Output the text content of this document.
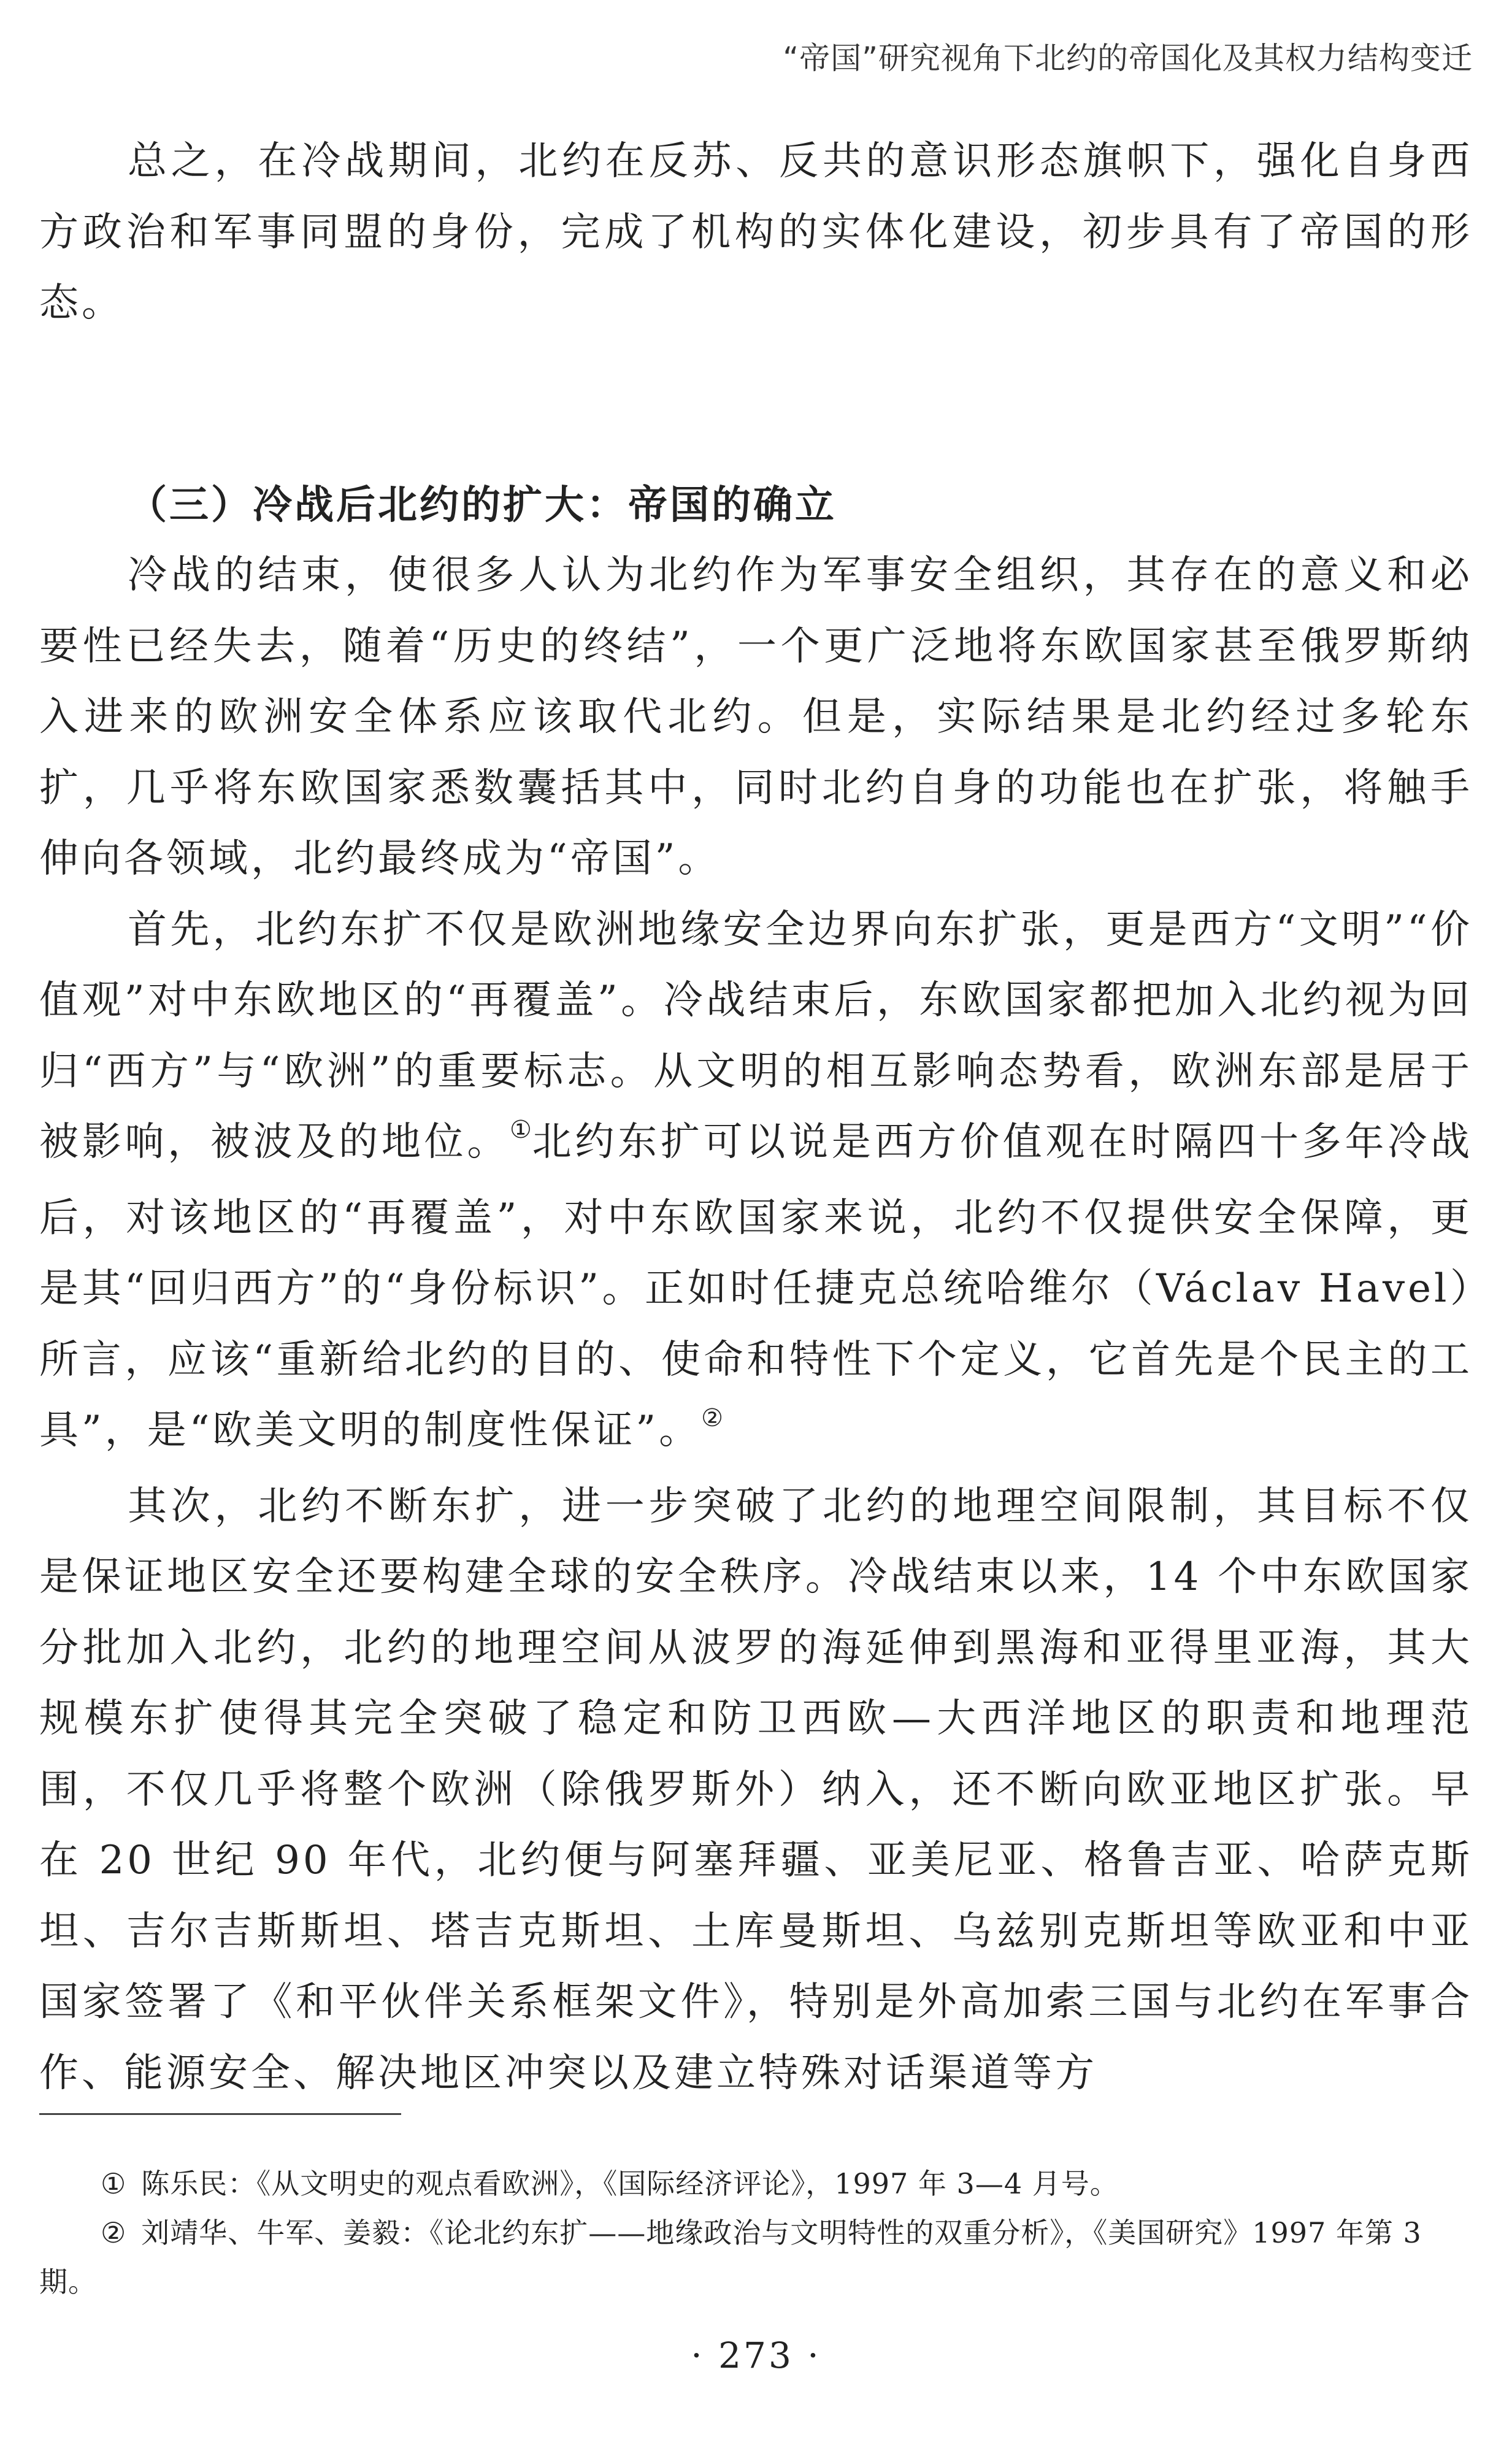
“帝国”研究视角下北约的帝国化及其权力结构变迁

总之，在冷战期间，北约在反苏、反共的意识形态旗帜下，强化自身西方政治和军事同盟的身份，完成了机构的实体化建设，初步具有了帝国的形态。

（三）冷战后北约的扩大：帝国的确立

冷战的结束，使很多人认为北约作为军事安全组织，其存在的意义和必要性已经失去，随着“历史的终结”，一个更广泛地将东欧国家甚至俄罗斯纳入进来的欧洲安全体系应该取代北约。但是，实际结果是北约经过多轮东扩，几乎将东欧国家悉数囊括其中，同时北约自身的功能也在扩张，将触手伸向各领域，北约最终成为“帝国”。

首先，北约东扩不仅是欧洲地缘安全边界向东扩张，更是西方“文明”“价值观”对中东欧地区的“再覆盖”。冷战结束后，东欧国家都把加入北约视为回归“西方”与“欧洲”的重要标志。从文明的相互影响态势看，欧洲东部是居于被影响，被波及的地位。①北约东扩可以说是西方价值观在时隔四十多年冷战后，对该地区的“再覆盖”，对中东欧国家来说，北约不仅提供安全保障，更是其“回归西方”的“身份标识”。正如时任捷克总统哈维尔（Václav Havel）所言，应该“重新给北约的目的、使命和特性下个定义，它首先是个民主的工具”，是“欧美文明的制度性保证”。②

其次，北约不断东扩，进一步突破了北约的地理空间限制，其目标不仅是保证地区安全还要构建全球的安全秩序。冷战结束以来，14 个中东欧国家分批加入北约，北约的地理空间从波罗的海延伸到黑海和亚得里亚海，其大规模东扩使得其完全突破了稳定和防卫西欧—大西洋地区的职责和地理范围，不仅几乎将整个欧洲（除俄罗斯外）纳入，还不断向欧亚地区扩张。早在 20 世纪 90 年代，北约便与阿塞拜疆、亚美尼亚、格鲁吉亚、哈萨克斯坦、吉尔吉斯斯坦、塔吉克斯坦、土库曼斯坦、乌兹别克斯坦等欧亚和中亚国家签署了《和平伙伴关系框架文件》，特别是外高加索三国与北约在军事合作、能源安全、解决地区冲突以及建立特殊对话渠道等方

① 陈乐民：《从文明史的观点看欧洲》，《国际经济评论》，1997 年 3—4 月号。
② 刘靖华、牛军、姜毅：《论北约东扩——地缘政治与文明特性的双重分析》，《美国研究》1997 年第 3 期。
· 273 ·
